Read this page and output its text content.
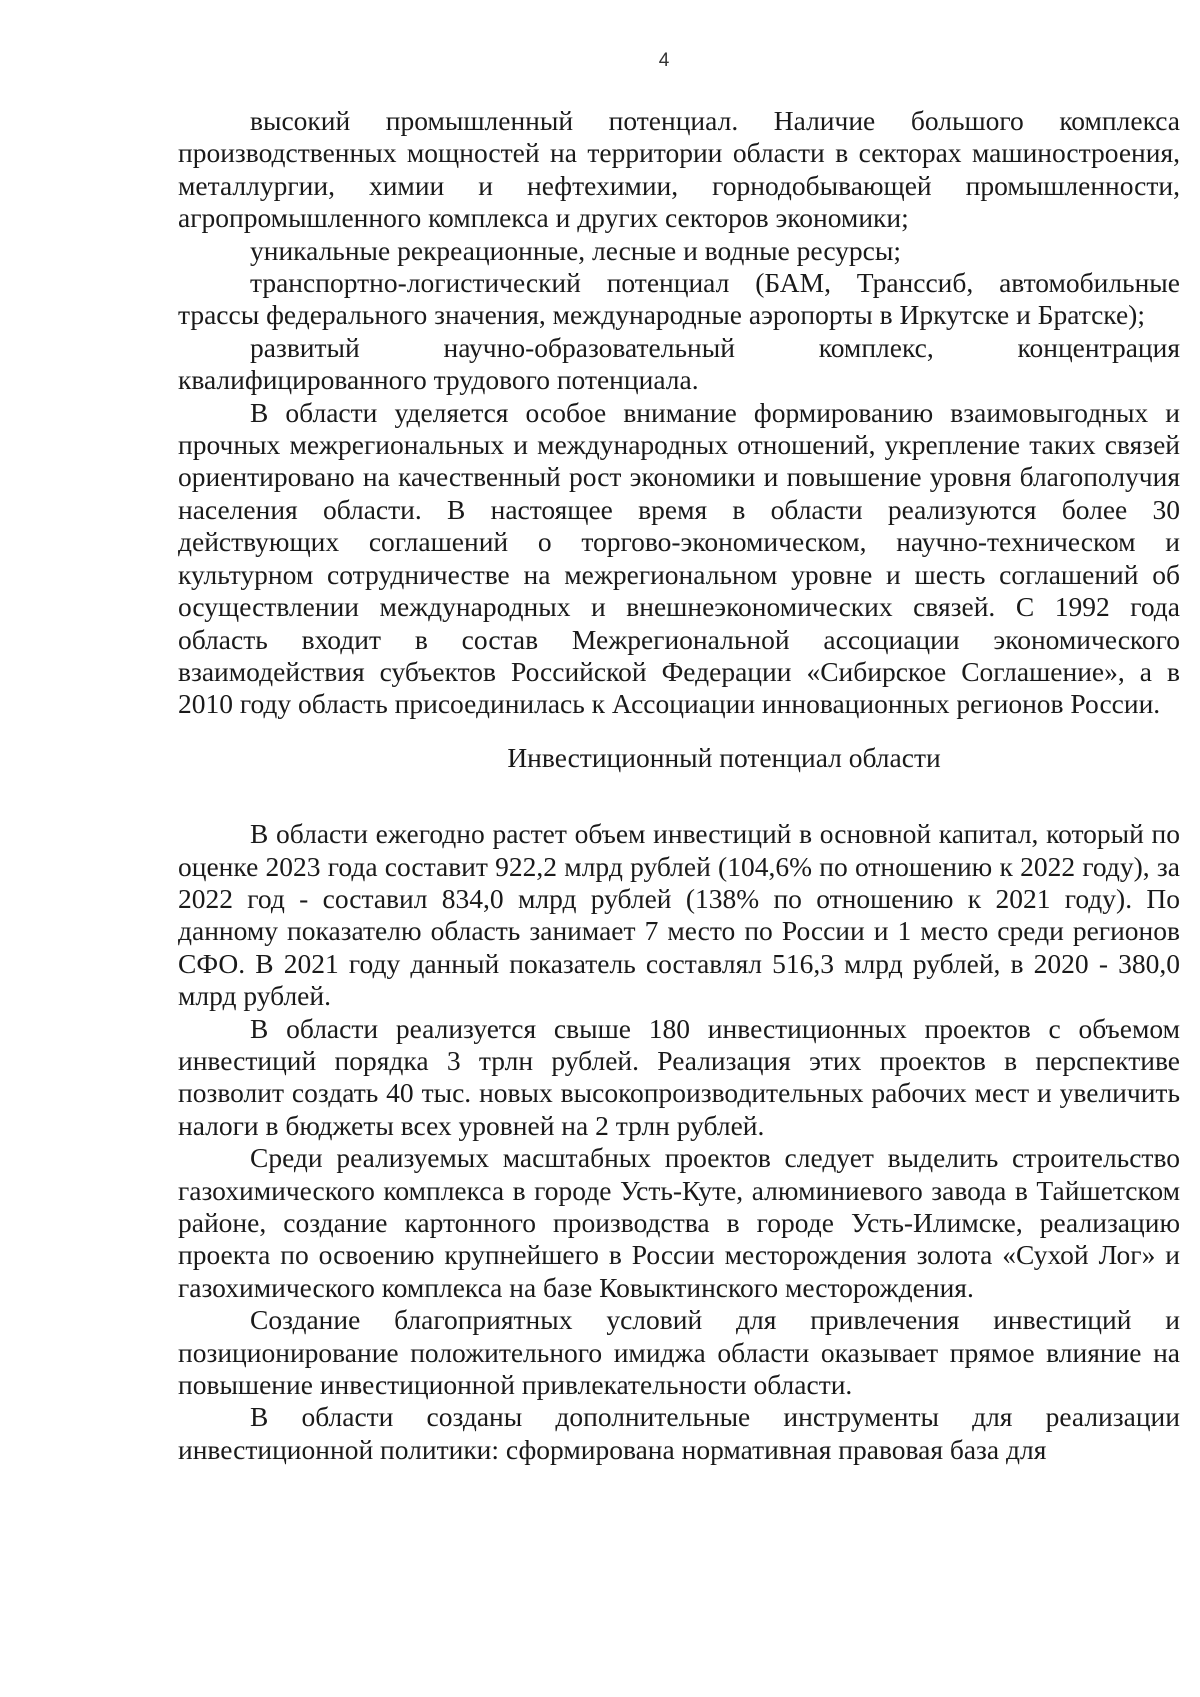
4

высокий промышленный потенциал. Наличие большого комплекса производственных мощностей на территории области в секторах машиностроения, металлургии, химии и нефтехимии, горнодобывающей промышленности, агропромышленного комплекса и других секторов экономики;

уникальные рекреационные, лесные и водные ресурсы;

транспортно-логистический потенциал (БАМ, Транссиб, автомобильные трассы федерального значения, международные аэропорты в Иркутске и Братске);

развитый научно-образовательный комплекс, концентрация квалифицированного трудового потенциала.

В области уделяется особое внимание формированию взаимовыгодных и прочных межрегиональных и международных отношений, укрепление таких связей ориентировано на качественный рост экономики и повышение уровня благополучия населения области. В настоящее время в области реализуются более 30 действующих соглашений о торгово-экономическом, научно-техническом и культурном сотрудничестве на межрегиональном уровне и шесть соглашений об осуществлении международных и внешнеэкономических связей. С 1992 года область входит в состав Межрегиональной ассоциации экономического взаимодействия субъектов Российской Федерации «Сибирское Соглашение», а в 2010 году область присоединилась к Ассоциации инновационных регионов России.

Инвестиционный потенциал области

В области ежегодно растет объем инвестиций в основной капитал, который по оценке 2023 года составит 922,2 млрд рублей (104,6% по отношению к 2022 году), за 2022 год - составил 834,0 млрд рублей (138% по отношению к 2021 году). По данному показателю область занимает 7 место по России и 1 место среди регионов СФО. В 2021 году данный показатель составлял 516,3 млрд рублей, в 2020 - 380,0 млрд рублей.

В области реализуется свыше 180 инвестиционных проектов с объемом инвестиций порядка 3 трлн рублей. Реализация этих проектов в перспективе позволит создать 40 тыс. новых высокопроизводительных рабочих мест и увеличить налоги в бюджеты всех уровней на 2 трлн рублей.

Среди реализуемых масштабных проектов следует выделить строительство газохимического комплекса в городе Усть-Куте, алюминиевого завода в Тайшетском районе, создание картонного производства в городе Усть-Илимске, реализацию проекта по освоению крупнейшего в России месторождения золота «Сухой Лог» и газохимического комплекса на базе Ковыктинского месторождения.

Создание благоприятных условий для привлечения инвестиций и позиционирование положительного имиджа области оказывает прямое влияние на повышение инвестиционной привлекательности области.

В области созданы дополнительные инструменты для реализации инвестиционной политики: сформирована нормативная правовая база для
